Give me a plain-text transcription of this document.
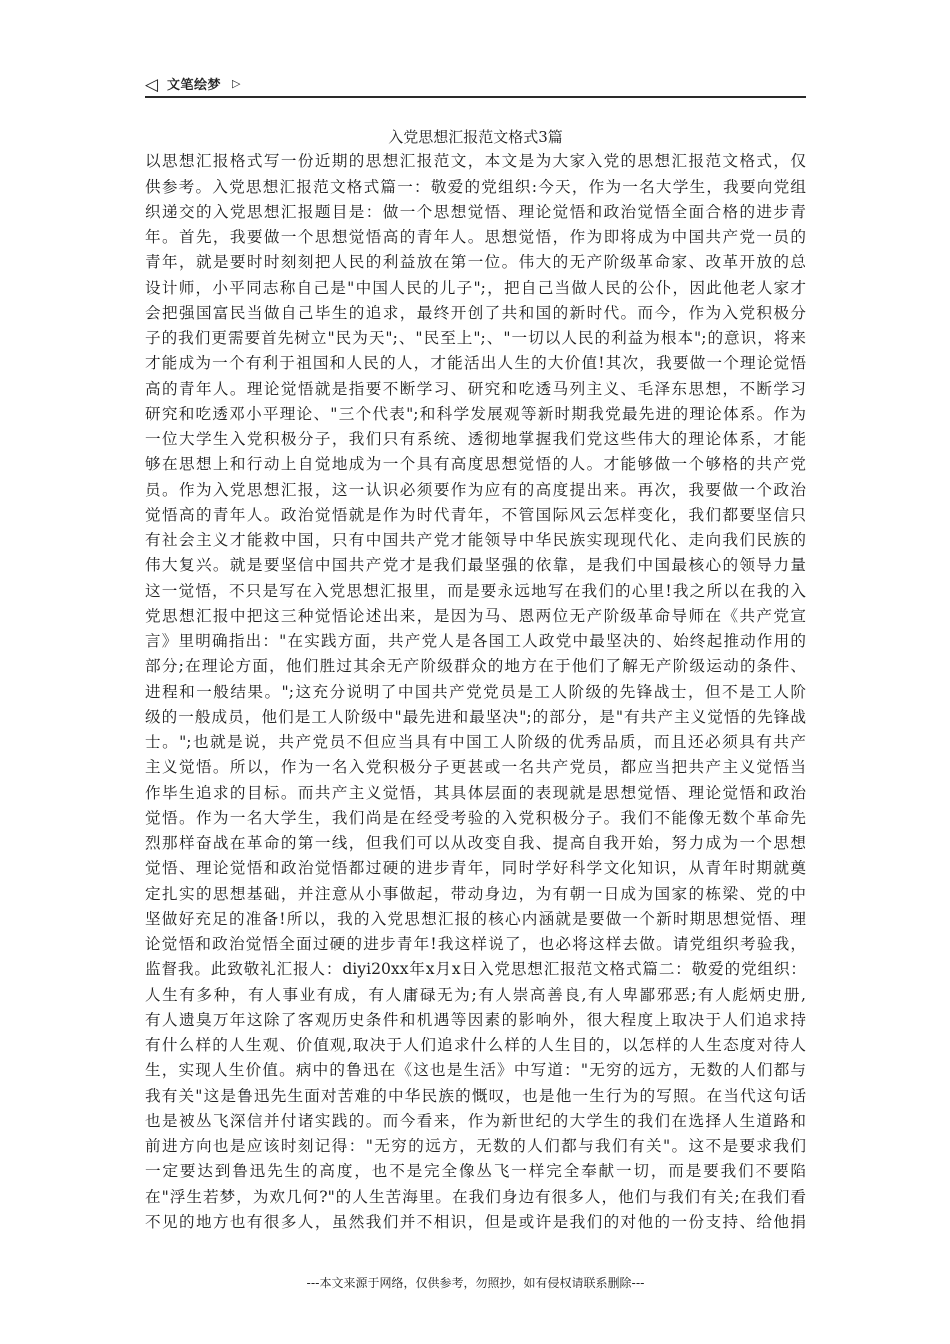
◁ 文笔绘梦 ▷
入党思想汇报范文格式3篇
以思想汇报格式写一份近期的思想汇报范文，本文是为大家入党的思想汇报范文格式，仅
供参考。入党思想汇报范文格式篇一：敬爱的党组织:今天，作为一名大学生，我要向党组
织递交的入党思想汇报题目是：做一个思想觉悟、理论觉悟和政治觉悟全面合格的进步青
年。首先，我要做一个思想觉悟高的青年人。思想觉悟，作为即将成为中国共产党一员的
青年，就是要时时刻刻把人民的利益放在第一位。伟大的无产阶级革命家、改革开放的总
设计师，小平同志称自己是"中国人民的儿子";，把自己当做人民的公仆，因此他老人家才
会把强国富民当做自己毕生的追求，最终开创了共和国的新时代。而今，作为入党积极分
子的我们更需要首先树立"民为天";、"民至上";、"一切以人民的利益为根本";的意识，将来
才能成为一个有利于祖国和人民的人，才能活出人生的大价值!其次，我要做一个理论觉悟
高的青年人。理论觉悟就是指要不断学习、研究和吃透马列主义、毛泽东思想，不断学习
研究和吃透邓小平理论、"三个代表";和科学发展观等新时期我党最先进的理论体系。作为
一位大学生入党积极分子，我们只有系统、透彻地掌握我们党这些伟大的理论体系，才能
够在思想上和行动上自觉地成为一个具有高度思想觉悟的人。才能够做一个够格的共产党
员。作为入党思想汇报，这一认识必须要作为应有的高度提出来。再次，我要做一个政治
觉悟高的青年人。政治觉悟就是作为时代青年，不管国际风云怎样变化，我们都要坚信只
有社会主义才能救中国，只有中国共产党才能领导中华民族实现现代化、走向我们民族的
伟大复兴。就是要坚信中国共产党才是我们最坚强的依靠，是我们中国最核心的领导力量
这一觉悟，不只是写在入党思想汇报里，而是要永远地写在我们的心里!我之所以在我的入
党思想汇报中把这三种觉悟论述出来，是因为马、恩两位无产阶级革命导师在《共产党宣
言》里明确指出："在实践方面，共产党人是各国工人政党中最坚决的、始终起推动作用的
部分;在理论方面，他们胜过其余无产阶级群众的地方在于他们了解无产阶级运动的条件、
进程和一般结果。";这充分说明了中国共产党党员是工人阶级的先锋战士，但不是工人阶
级的一般成员，他们是工人阶级中"最先进和最坚决";的部分，是"有共产主义觉悟的先锋战
士。";也就是说，共产党员不但应当具有中国工人阶级的优秀品质，而且还必须具有共产
主义觉悟。所以，作为一名入党积极分子更甚或一名共产党员，都应当把共产主义觉悟当
作毕生追求的目标。而共产主义觉悟，其具体层面的表现就是思想觉悟、理论觉悟和政治
觉悟。作为一名大学生，我们尚是在经受考验的入党积极分子。我们不能像无数个革命先
烈那样奋战在革命的第一线，但我们可以从改变自我、提高自我开始，努力成为一个思想
觉悟、理论觉悟和政治觉悟都过硬的进步青年，同时学好科学文化知识，从青年时期就奠
定扎实的思想基础，并注意从小事做起，带动身边，为有朝一日成为国家的栋梁、党的中
坚做好充足的准备!所以，我的入党思想汇报的核心内涵就是要做一个新时期思想觉悟、理
论觉悟和政治觉悟全面过硬的进步青年!我这样说了，也必将这样去做。请党组织考验我，
监督我。此致敬礼汇报人：diyi20xx年x月x日入党思想汇报范文格式篇二：敬爱的党组织：
人生有多种，有人事业有成，有人庸碌无为;有人崇高善良,有人卑鄙邪恶;有人彪炳史册,
有人遗臭万年这除了客观历史条件和机遇等因素的影响外，很大程度上取决于人们追求持
有什么样的人生观、价值观,取决于人们追求什么样的人生目的，以怎样的人生态度对待人
生，实现人生价值。病中的鲁迅在《这也是生活》中写道："无穷的远方，无数的人们都与
我有关"这是鲁迅先生面对苦难的中华民族的慨叹，也是他一生行为的写照。在当代这句话
也是被丛飞深信并付诸实践的。而今看来，作为新世纪的大学生的我们在选择人生道路和
前进方向也是应该时刻记得："无穷的远方，无数的人们都与我们有关"。这不是要求我们
一定要达到鲁迅先生的高度，也不是完全像丛飞一样完全奉献一切，而是要我们不要陷
在"浮生若梦，为欢几何?"的人生苦海里。在我们身边有很多人，他们与我们有关;在我们看
不见的地方也有很多人，虽然我们并不相识，但是或许是我们的对他的一份支持、给他捐
---本文来源于网络，仅供参考，勿照抄，如有侵权请联系删除---
